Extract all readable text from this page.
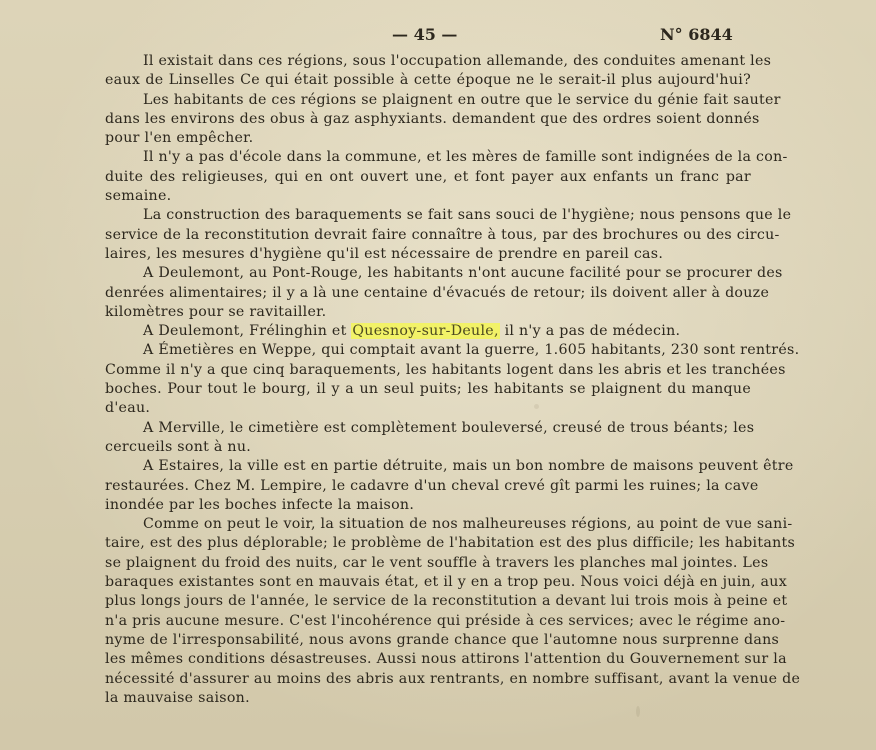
— 45 —	N° 6844
Il existait dans ces régions, sous l'occupation allemande, des conduites amenant les
eaux de Linselles Ce qui était possible à cette époque ne le serait-il plus aujourd'hui?
Les habitants de ces régions se plaignent en outre que le service du génie fait sauter
dans les environs des obus à gaz asphyxiants. demandent que des ordres soient donnés
pour l'en empêcher.
Il n'y a pas d'école dans la commune, et les mères de famille sont indignées de la con-
duite des religieuses, qui en ont ouvert une, et font payer aux enfants un franc par
semaine.
La construction des baraquements se fait sans souci de l'hygiène; nous pensons que le
service de la reconstitution devrait faire connaître à tous, par des brochures ou des circu-
laires, les mesures d'hygiène qu'il est nécessaire de prendre en pareil cas.
A Deulemont, au Pont-Rouge, les habitants n'ont aucune facilité pour se procurer des
denrées alimentaires; il y a là une centaine d'évacués de retour; ils doivent aller à douze
kilomètres pour se ravitailler.
A Deulemont, Frélinghin et Quesnoy-sur-Deule, il n'y a pas de médecin.
A Émetières en Weppe, qui comptait avant la guerre, 1.605 habitants, 230 sont rentrés.
Comme il n'y a que cinq baraquements, les habitants logent dans les abris et les tranchées
boches. Pour tout le bourg, il y a un seul puits; les habitants se plaignent du manque
d'eau.
A Merville, le cimetière est complètement bouleversé, creusé de trous béants; les
cercueils sont à nu.
A Estaires, la ville est en partie détruite, mais un bon nombre de maisons peuvent être
restaurées. Chez M. Lempire, le cadavre d'un cheval crevé gît parmi les ruines; la cave
inondée par les boches infecte la maison.
Comme on peut le voir, la situation de nos malheureuses régions, au point de vue sani-
taire, est des plus déplorable; le problème de l'habitation est des plus difficile; les habitants
se plaignent du froid des nuits, car le vent souffle à travers les planches mal jointes. Les
baraques existantes sont en mauvais état, et il y en a trop peu. Nous voici déjà en juin, aux
plus longs jours de l'année, le service de la reconstitution a devant lui trois mois à peine et
n'a pris aucune mesure. C'est l'incohérence qui préside à ces services; avec le régime ano-
nyme de l'irresponsabilité, nous avons grande chance que l'automne nous surprenne dans
les mêmes conditions désastreuses. Aussi nous attirons l'attention du Gouvernement sur la
nécessité d'assurer au moins des abris aux rentrants, en nombre suffisant, avant la venue de
la mauvaise saison.
